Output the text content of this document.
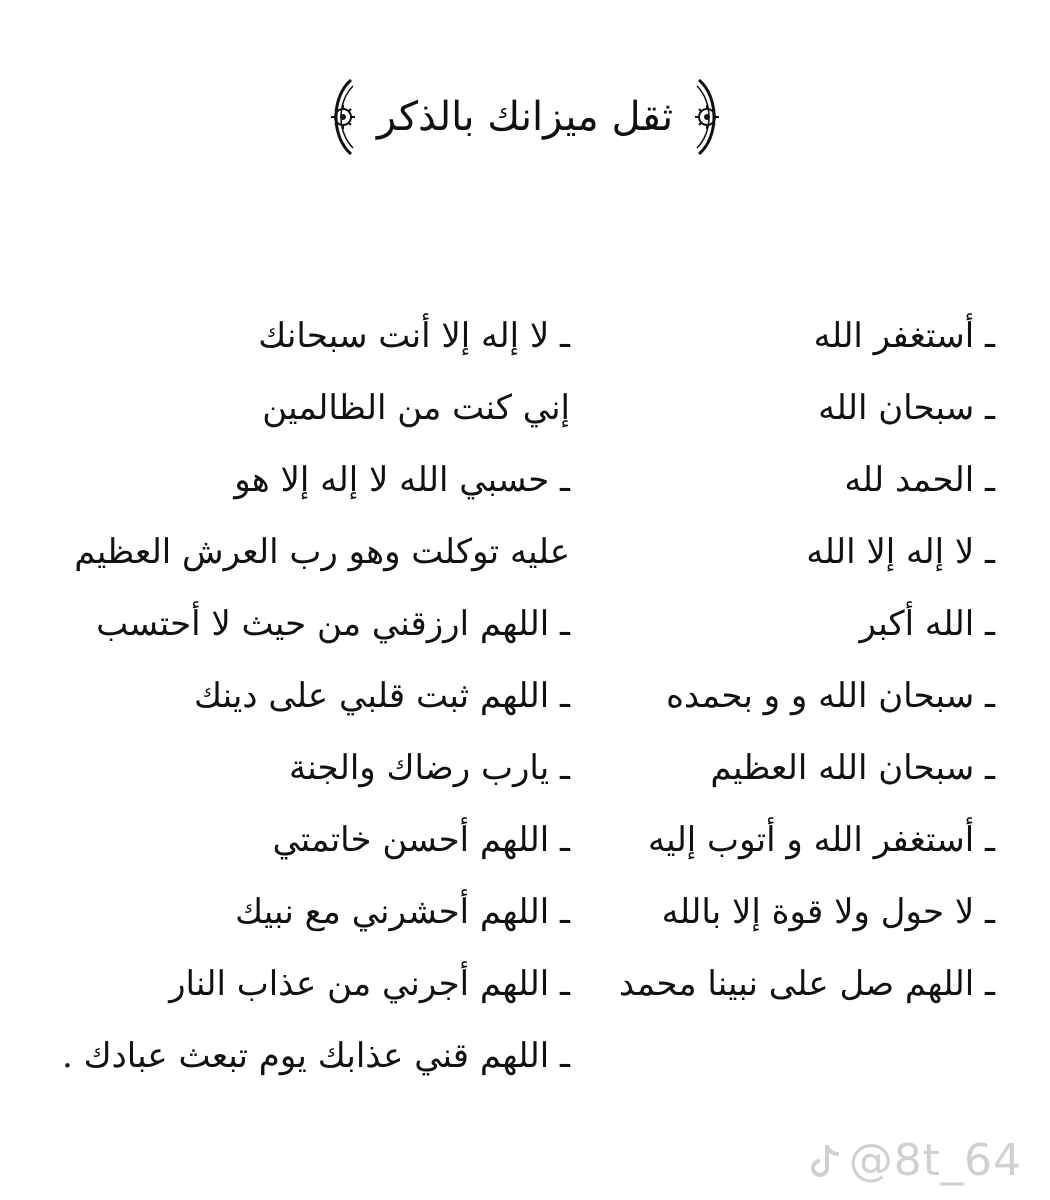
ثقل ميزانك بالذكر
ـ أستغفر الله
ـ سبحان الله
ـ الحمد لله
ـ لا إله إلا الله
ـ الله أكبر
ـ سبحان الله و و بحمده
ـ سبحان الله العظيم
ـ أستغفر الله و أتوب إليه
ـ لا حول ولا قوة إلا بالله
ـ اللهم صل على نبينا محمد
ـ لا إله إلا أنت سبحانك
إني كنت من الظالمين
ـ حسبي الله لا إله إلا هو
عليه توكلت وهو رب العرش العظيم
ـ اللهم ارزقني من حيث لا أحتسب
ـ اللهم ثبت قلبي على دينك
ـ يارب رضاك والجنة
ـ اللهم أحسن خاتمتي
ـ اللهم أحشرني مع نبيك
ـ اللهم أجرني من عذاب النار
ـ اللهم قني عذابك يوم تبعث عبادك .
@8t_64
